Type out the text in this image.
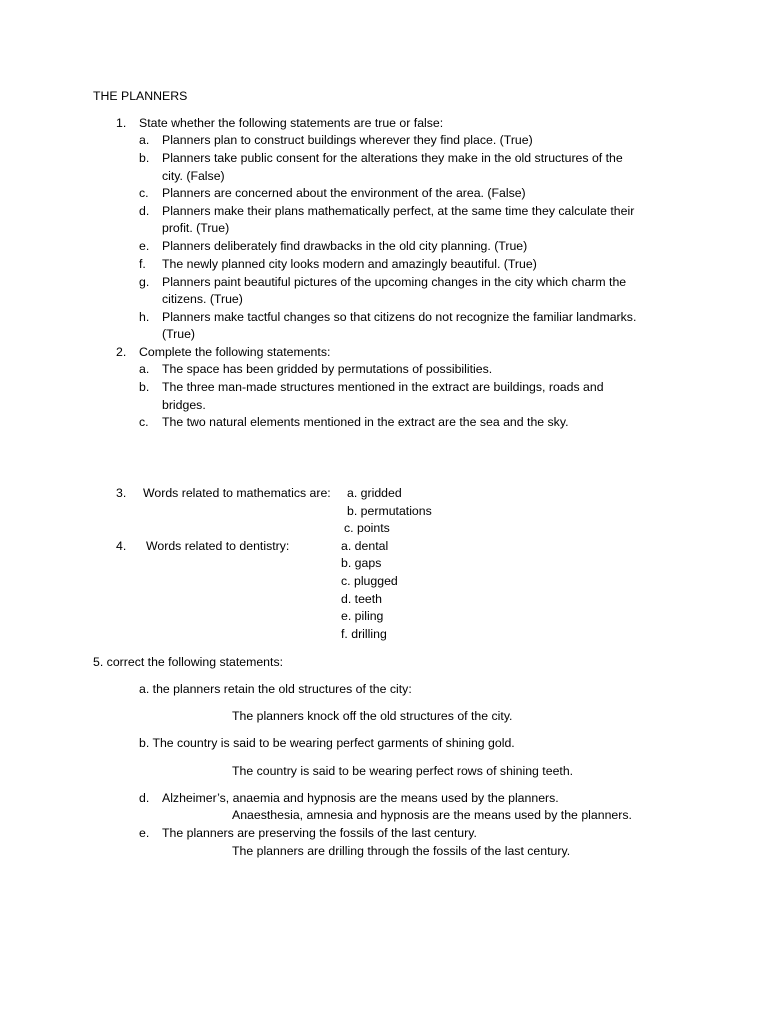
THE PLANNERS
1. State whether the following statements are true or false:
a. Planners plan to construct buildings wherever they find place. (True)
b. Planners take public consent for the alterations they make in the old structures of the
city. (False)
c. Planners are concerned about the environment of the area. (False)
d. Planners make their plans mathematically perfect, at the same time they calculate their
profit. (True)
e. Planners deliberately find drawbacks in the old city planning. (True)
f. The newly planned city looks modern and amazingly beautiful. (True)
g. Planners paint beautiful pictures of the upcoming changes in the city which charm the
citizens. (True)
h. Planners make tactful changes so that citizens do not recognize the familiar landmarks.
(True)
2. Complete the following statements:
a. The space has been gridded by permutations of possibilities.
b. The three man-made structures mentioned in the extract are buildings, roads and
bridges.
c. The two natural elements mentioned in the extract are the sea and the sky.
3. Words related to mathematics are: a. gridded
b. permutations
c. points
4. Words related to dentistry:	a. dental
b. gaps
c. plugged
d. teeth
e. piling
f. drilling
5. correct the following statements:
a. the planners retain the old structures of the city:
The planners knock off the old structures of the city.
b. The country is said to be wearing perfect garments of shining gold.
The country is said to be wearing perfect rows of shining teeth.
d. Alzheimer’s, anaemia and hypnosis are the means used by the planners.
Anaesthesia, amnesia and hypnosis are the means used by the planners.
e. The planners are preserving the fossils of the last century.
The planners are drilling through the fossils of the last century.
